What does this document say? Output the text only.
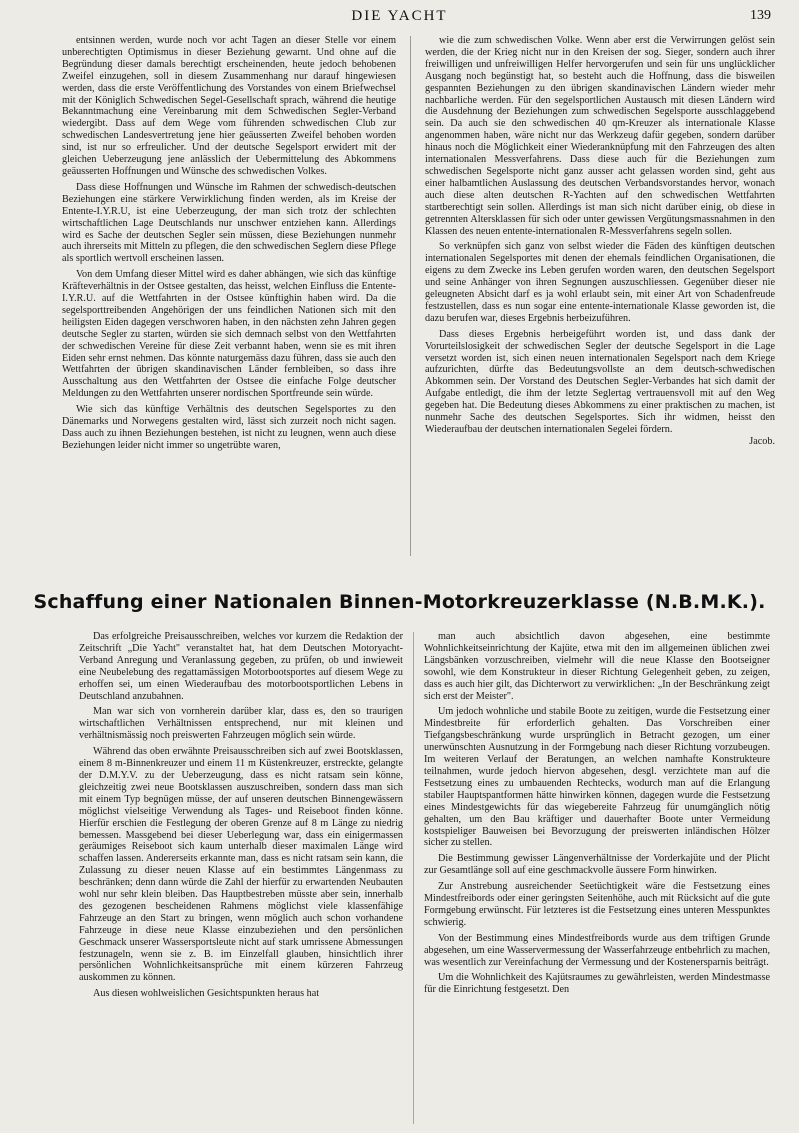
DIE YACHT	139

entsinnen werden, wurde noch vor acht Tagen an dieser Stelle vor einem unberechtigten Optimismus in dieser Beziehung gewarnt. Und ohne auf die Begründung dieser damals berechtigt erscheinenden, heute jedoch behobenen Zweifel einzugehen, soll in diesem Zusammenhang nur darauf hingewiesen werden, dass die erste Veröffentlichung des Vorstandes von einem Briefwechsel mit der Königlich Schwedischen Segel-Gesellschaft sprach, während die heutige Bekanntmachung eine Vereinbarung mit dem Schwedischen Segler-Verband wiedergibt. Dass auf dem Wege vom führenden schwedischen Club zur schwedischen Landesvertretung jene hier geäusserten Zweifel behoben worden sind, ist nur so erfreulicher. Und der deutsche Segelsport erwidert mit der gleichen Ueberzeugung jene anlässlich der Uebermittelung des Abkommens geäusserten Hoffnungen und Wünsche des schwedischen Volkes.

Dass diese Hoffnungen und Wünsche im Rahmen der schwedisch-deutschen Beziehungen eine stärkere Verwirklichung finden werden, als im Kreise der Entente-I.Y.R.U, ist eine Ueberzeugung, der man sich trotz der schlechten wirtschaftlichen Lage Deutschlands nur unschwer entziehen kann. Allerdings wird es Sache der deutschen Segler sein müssen, diese Beziehungen nunmehr auch ihrerseits mit Mitteln zu pflegen, die den schwedischen Seglern diese Pflege als sportlich wertvoll erscheinen lassen.

Von dem Umfang dieser Mittel wird es daher abhängen, wie sich das künftige Kräfteverhältnis in der Ostsee gestalten, das heisst, welchen Einfluss die Entente-I.Y.R.U. auf die Wettfahrten in der Ostsee künftighin haben wird. Da die segelsporttreibenden Angehörigen der uns feindlichen Nationen sich mit den heiligsten Eiden dagegen verschworen haben, in den nächsten zehn Jahren gegen deutsche Segler zu starten, würden sie sich demnach selbst von den Wettfahrten der schwedischen Vereine für diese Zeit verbannt haben, wenn sie es mit ihren Eiden sehr ernst nehmen. Das könnte naturgemäss dazu führen, dass sie auch den Wettfahrten der übrigen skandinavischen Länder fernbleiben, so dass ihre Ausschaltung aus den Wettfahrten der Ostsee die einfache Folge deutscher Meldungen zu den Wettfahrten unserer nordischen Sportfreunde sein würde.

Wie sich das künftige Verhältnis des deutschen Segelsportes zu den Dänemarks und Norwegens gestalten wird, lässt sich zurzeit noch nicht sagen. Dass auch zu ihnen Beziehungen bestehen, ist nicht zu leugnen, wenn auch diese Beziehungen leider nicht immer so ungetrübte waren,

wie die zum schwedischen Volke. Wenn aber erst die Verwirrungen gelöst sein werden, die der Krieg nicht nur in den Kreisen der sog. Sieger, sondern auch ihrer freiwilligen und unfreiwilligen Helfer hervorgerufen und sein für uns unglücklicher Ausgang noch begünstigt hat, so besteht auch die Hoffnung, dass die bisweilen gespannten Beziehungen zu den übrigen skandinavischen Ländern wieder mehr nachbarliche werden. Für den segelsportlichen Austausch mit diesen Ländern wird die Ausdehnung der Beziehungen zum schwedischen Segelsporte ausschlaggebend sein. Da auch sie den schwedischen 40 qm-Kreuzer als internationale Klasse angenommen haben, wäre nicht nur das Werkzeug dafür gegeben, sondern darüber hinaus noch die Möglichkeit einer Wiederanknüpfung mit den Fahrzeugen des alten internationalen Messverfahrens. Dass diese auch für die Beziehungen zum schwedischen Segelsporte nicht ganz ausser acht gelassen worden sind, geht aus einer halbamtlichen Auslassung des deutschen Verbandsvorstandes hervor, wonach auch diese alten deutschen R-Yachten auf den schwedischen Wettfahrten startberechtigt sein sollen. Allerdings ist man sich nicht darüber einig, ob diese in getrennten Altersklassen für sich oder unter gewissen Vergütungsmassnahmen in den Klassen des neuen entente-internationalen R-Messverfahrens segeln sollen.

So verknüpfen sich ganz von selbst wieder die Fäden des künftigen deutschen internationalen Segelsportes mit denen der ehemals feindlichen Organisationen, die eigens zu dem Zwecke ins Leben gerufen worden waren, den deutschen Segelsport und seine Anhänger von ihren Segnungen auszuschliessen. Gegenüber dieser nie geleugneten Absicht darf es ja wohl erlaubt sein, mit einer Art von Schadenfreude festzustellen, dass es nun sogar eine entente-internationale Klasse geworden ist, die dazu berufen war, dieses Ergebnis herbeizuführen.

Dass dieses Ergebnis herbeigeführt worden ist, und dass dank der Vorurteilslosigkeit der schwedischen Segler der deutsche Segelsport in die Lage versetzt worden ist, sich einen neuen internationalen Segelsport nach dem Kriege aufzurichten, dürfte das Bedeutungsvollste an dem deutsch-schwedischen Abkommen sein. Der Vorstand des Deutschen Segler-Verbandes hat sich damit der Aufgabe entledigt, die ihm der letzte Seglertag vertrauensvoll mit auf den Weg gegeben hat. Die Bedeutung dieses Abkommens zu einer praktischen zu machen, ist nunmehr Sache des deutschen Segelsportes. Sich ihr widmen, heisst den Wiederaufbau der deutschen internationalen Segelei fördern.

Jacob.
Schaffung einer Nationalen Binnen-Motorkreuzerklasse (N.B.M.K.).

Das erfolgreiche Preisausschreiben, welches vor kurzem die Redaktion der Zeitschrift „Die Yacht" veranstaltet hat, hat dem Deutschen Motoryacht-Verband Anregung und Veranlassung gegeben, zu prüfen, ob und inwieweit eine Neubelebung des regattamässigen Motorbootsportes auf diesem Wege zu erhoffen sei, um einen Wiederaufbau des motorbootsportlichen Lebens in Deutschland anzubahnen.

Man war sich von vornherein darüber klar, dass es, den so traurigen wirtschaftlichen Verhältnissen entsprechend, nur mit kleinen und verhältnismässig noch preiswerten Fahrzeugen möglich sein würde.

Während das oben erwähnte Preisausschreiben sich auf zwei Bootsklassen, einem 8 m-Binnenkreuzer und einem 11 m Küstenkreuzer, erstreckte, gelangte der D.M.Y.V. zu der Ueberzeugung, dass es nicht ratsam sein könne, gleichzeitig zwei neue Bootsklassen auszuschreiben, sondern dass man sich mit einem Typ begnügen müsse, der auf unseren deutschen Binnengewässern möglichst vielseitige Verwendung als Tages- und Reiseboot finden könne. Hierfür erschien die Festlegung der oberen Grenze auf 8 m Länge zu niedrig bemessen. Massgebend bei dieser Ueberlegung war, dass ein einigermassen geräumiges Reiseboot sich kaum unterhalb dieser maximalen Länge wird schaffen lassen. Andererseits erkannte man, dass es nicht ratsam sein kann, die Zulassung zu dieser neuen Klasse auf ein bestimmtes Längenmass zu beschränken; denn dann würde die Zahl der hierfür zu erwartenden Neubauten wohl nur sehr klein bleiben. Das Hauptbestreben müsste aber sein, innerhalb des gezogenen bescheidenen Rahmens möglichst viele klassenfähige Fahrzeuge an den Start zu bringen, wenn möglich auch schon vorhandene Fahrzeuge in diese neue Klasse einzubeziehen und den persönlichen Geschmack unserer Wassersportsleute nicht auf stark umrissene Abmessungen festzunageln, wenn sie z. B. im Einzelfall glauben, hinsichtlich ihrer persönlichen Wohnlichkeitsansprüche mit einem kürzeren Fahrzeug auskommen zu können.

Aus diesen wohlweislichen Gesichtspunkten heraus hat

man auch absichtlich davon abgesehen, eine bestimmte Wohnlichkeitseinrichtung der Kajüte, etwa mit den im allgemeinen üblichen zwei Längsbänken vorzuschreiben, vielmehr will die neue Klasse den Bootseigner sowohl, wie dem Konstrukteur in dieser Richtung Gelegenheit geben, zu zeigen, dass es auch hier gilt, das Dichterwort zu verwirklichen: „In der Beschränkung zeigt sich erst der Meister".

Um jedoch wohnliche und stabile Boote zu zeitigen, wurde die Festsetzung einer Mindestbreite für erforderlich gehalten. Das Vorschreiben einer Tiefgangsbeschränkung wurde ursprünglich in Betracht gezogen, um einer unerwünschten Ausnutzung in der Formgebung nach dieser Richtung vorzubeugen. Im weiteren Verlauf der Beratungen, an welchen namhafte Konstrukteure teilnahmen, wurde jedoch hiervon abgesehen, desgl. verzichtete man auf die Festsetzung eines zu umbauenden Rechtecks, wodurch man auf die Erlangung stabiler Hauptspantformen hätte hinwirken können, dagegen wurde die Festsetzung eines Mindestgewichts für das wiegebereite Fahrzeug für unumgänglich nötig gehalten, um den Bau kräftiger und dauerhafter Boote unter Vermeidung kostspieliger Bauweisen bei Bevorzugung der preiswerten inländischen Hölzer sicher zu stellen.

Die Bestimmung gewisser Längenverhältnisse der Vorderkajüte und der Plicht zur Gesamtlänge soll auf eine geschmackvolle äussere Form hinwirken.

Zur Anstrebung ausreichender Seetüchtigkeit wäre die Festsetzung eines Mindestfreibords oder einer geringsten Seitenhöhe, auch mit Rücksicht auf die gute Formgebung erwünscht. Für letzteres ist die Festsetzung eines unteren Messpunktes schwierig.

Von der Bestimmung eines Mindestfreibords wurde aus dem triftigen Grunde abgesehen, um eine Wasservermessung der Wasserfahrzeuge entbehrlich zu machen, was wesentlich zur Vereinfachung der Vermessung und der Kostenersparnis beiträgt.

Um die Wohnlichkeit des Kajütsraumes zu gewährleisten, werden Mindestmasse für die Einrichtung festgesetzt. Den
